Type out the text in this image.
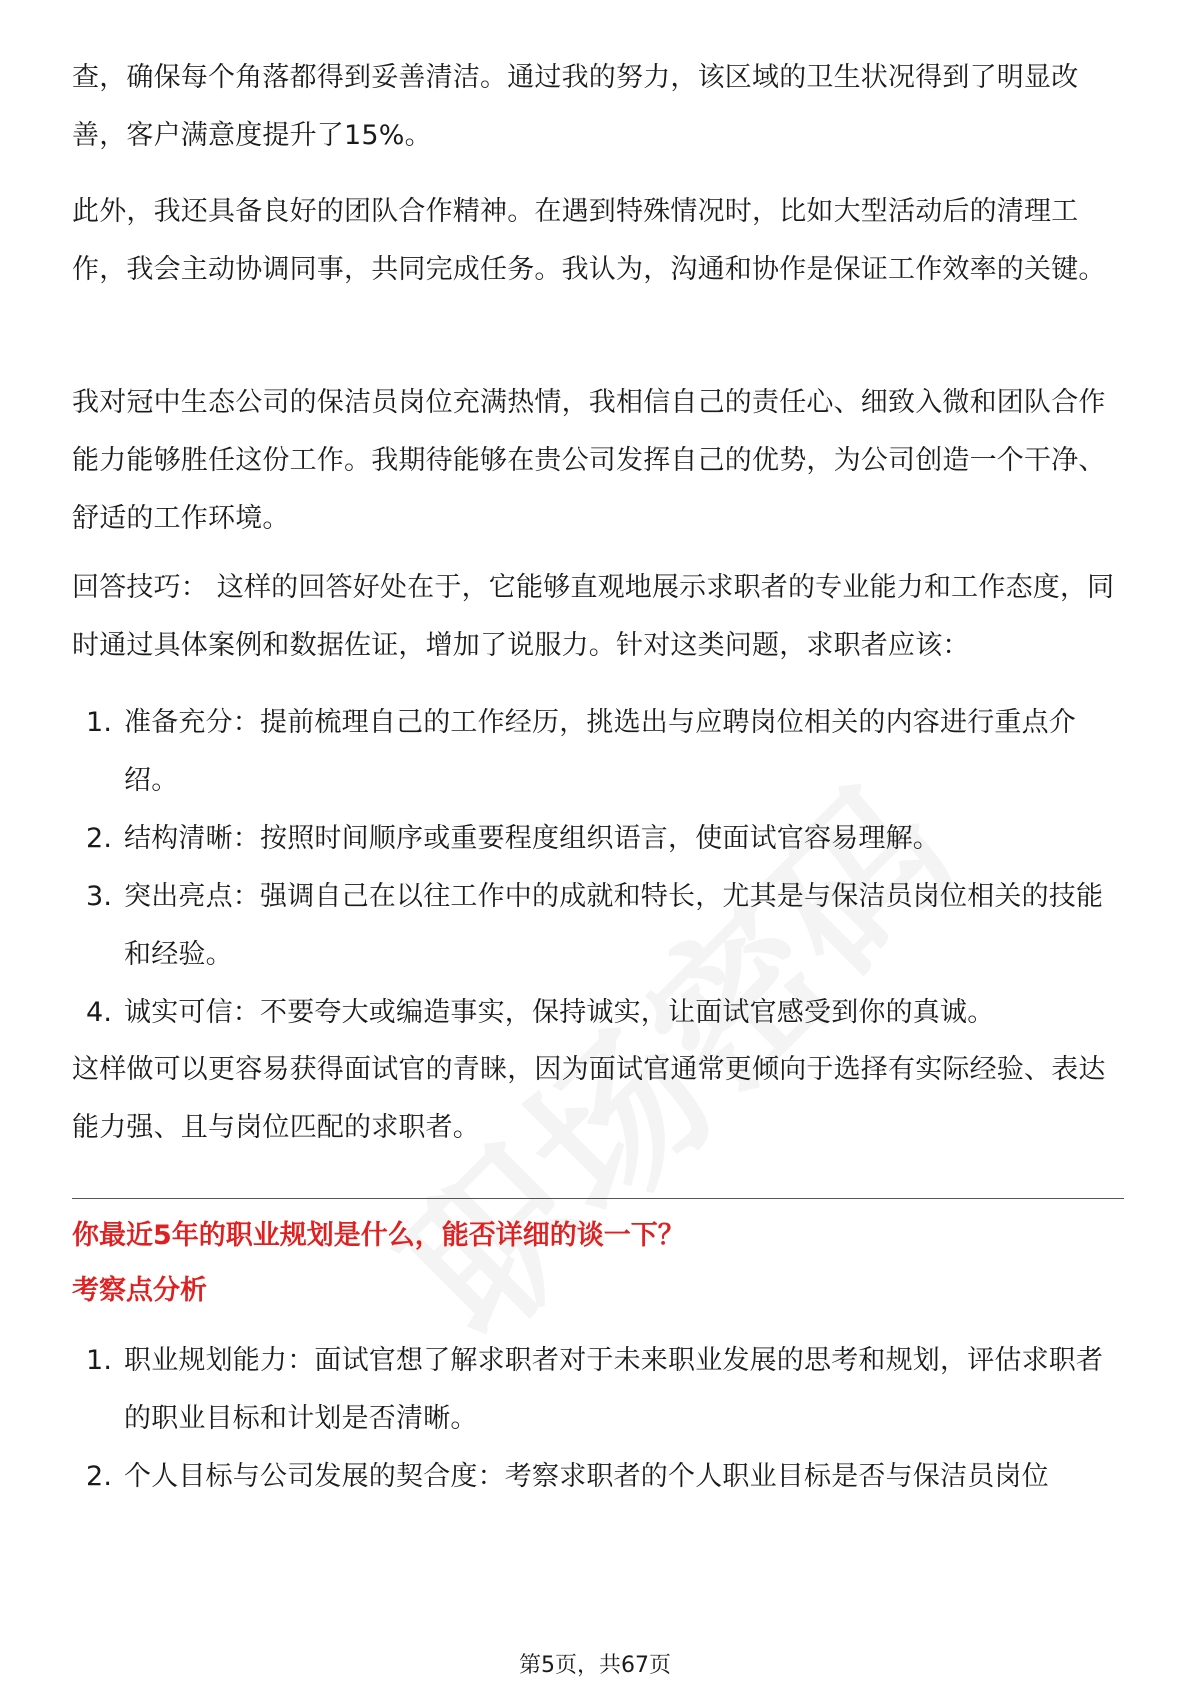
查，确保每个角落都得到妥善清洁。通过我的努力，该区域的卫生状况得到了明显改善，客户满意度提升了15%。

此外，我还具备良好的团队合作精神。在遇到特殊情况时，比如大型活动后的清理工作，我会主动协调同事，共同完成任务。我认为，沟通和协作是保证工作效率的关键。

我对冠中生态公司的保洁员岗位充满热情，我相信自己的责任心、细致入微和团队合作能力能够胜任这份工作。我期待能够在贵公司发挥自己的优势，为公司创造一个干净、舒适的工作环境。

回答技巧： 这样的回答好处在于，它能够直观地展示求职者的专业能力和工作态度，同时通过具体案例和数据佐证，增加了说服力。针对这类问题，求职者应该：

1. 准备充分：提前梳理自己的工作经历，挑选出与应聘岗位相关的内容进行重点介绍。
2. 结构清晰：按照时间顺序或重要程度组织语言，使面试官容易理解。
3. 突出亮点：强调自己在以往工作中的成就和特长，尤其是与保洁员岗位相关的技能和经验。
4. 诚实可信：不要夸大或编造事实，保持诚实，让面试官感受到你的真诚。

这样做可以更容易获得面试官的青睐，因为面试官通常更倾向于选择有实际经验、表达能力强、且与岗位匹配的求职者。

你最近5年的职业规划是什么，能否详细的谈一下？
考察点分析
1. 职业规划能力：面试官想了解求职者对于未来职业发展的思考和规划，评估求职者的职业目标和计划是否清晰。
2. 个人目标与公司发展的契合度：考察求职者的个人职业目标是否与保洁员岗位
第5页，共67页
